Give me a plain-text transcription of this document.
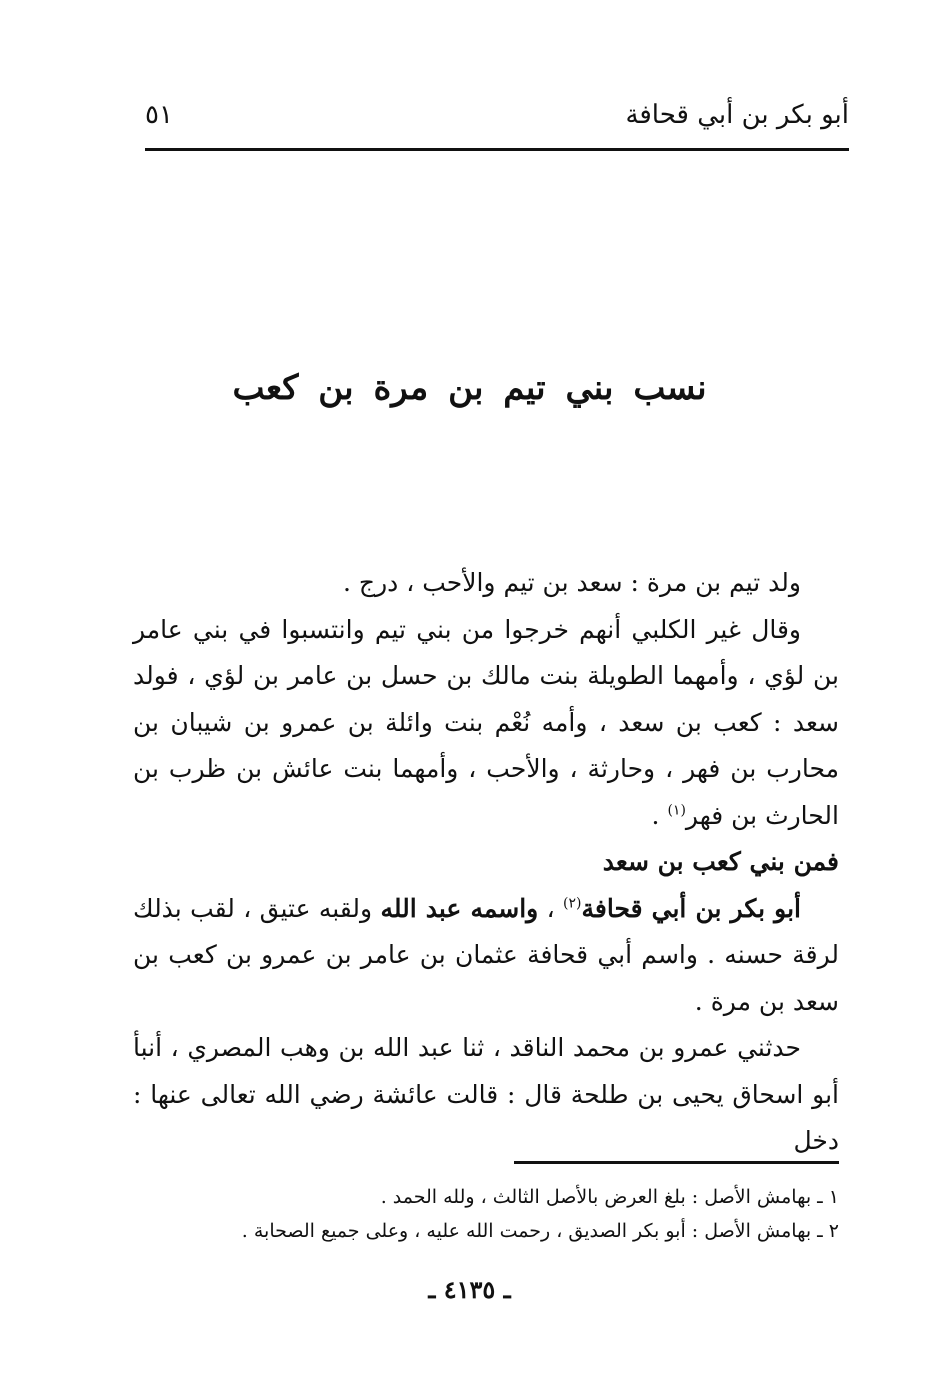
أبو بكر بن أبي قحافة
٥١
نسب بني تيم بن مرة بن كعب

ولد تيم بن مرة : سعد بن تيم والأحب ، درج .

وقال غير الكلبي أنهم خرجوا من بني تيم وانتسبوا في بني عامر بن لؤي ، وأمهما الطويلة بنت مالك بن حسل بن عامر بن لؤي ، فولد سعد : كعب بن سعد ، وأمه نُعْم بنت وائلة بن عمرو بن شيبان بن محارب بن فهر ، وحارثة ، والأحب ، وأمهما بنت عائش بن ظرب بن الحارث بن فهر$^{(١)}$ .

فمن بني كعب بن سعد

أبو بكر بن أبي قحافة$^{(٢)}$ ، واسمه عبد الله ولقبه عتيق ، لقب بذلك لرقة حسنه . واسم أبي قحافة عثمان بن عامر بن عمرو بن كعب بن سعد بن مرة .

حدثني عمرو بن محمد الناقد ، ثنا عبد الله بن وهب المصري ، أنبأ أبو اسحاق يحيى بن طلحة قال : قالت عائشة رضي الله تعالى عنها : دخل

١ ـ بهامش الأصل : بلغ العرض بالأصل الثالث ، ولله الحمد .

٢ ـ بهامش الأصل : أبو بكر الصديق ، رحمت الله عليه ، وعلى جميع الصحابة .

ـ ٤١٣٥ ـ
